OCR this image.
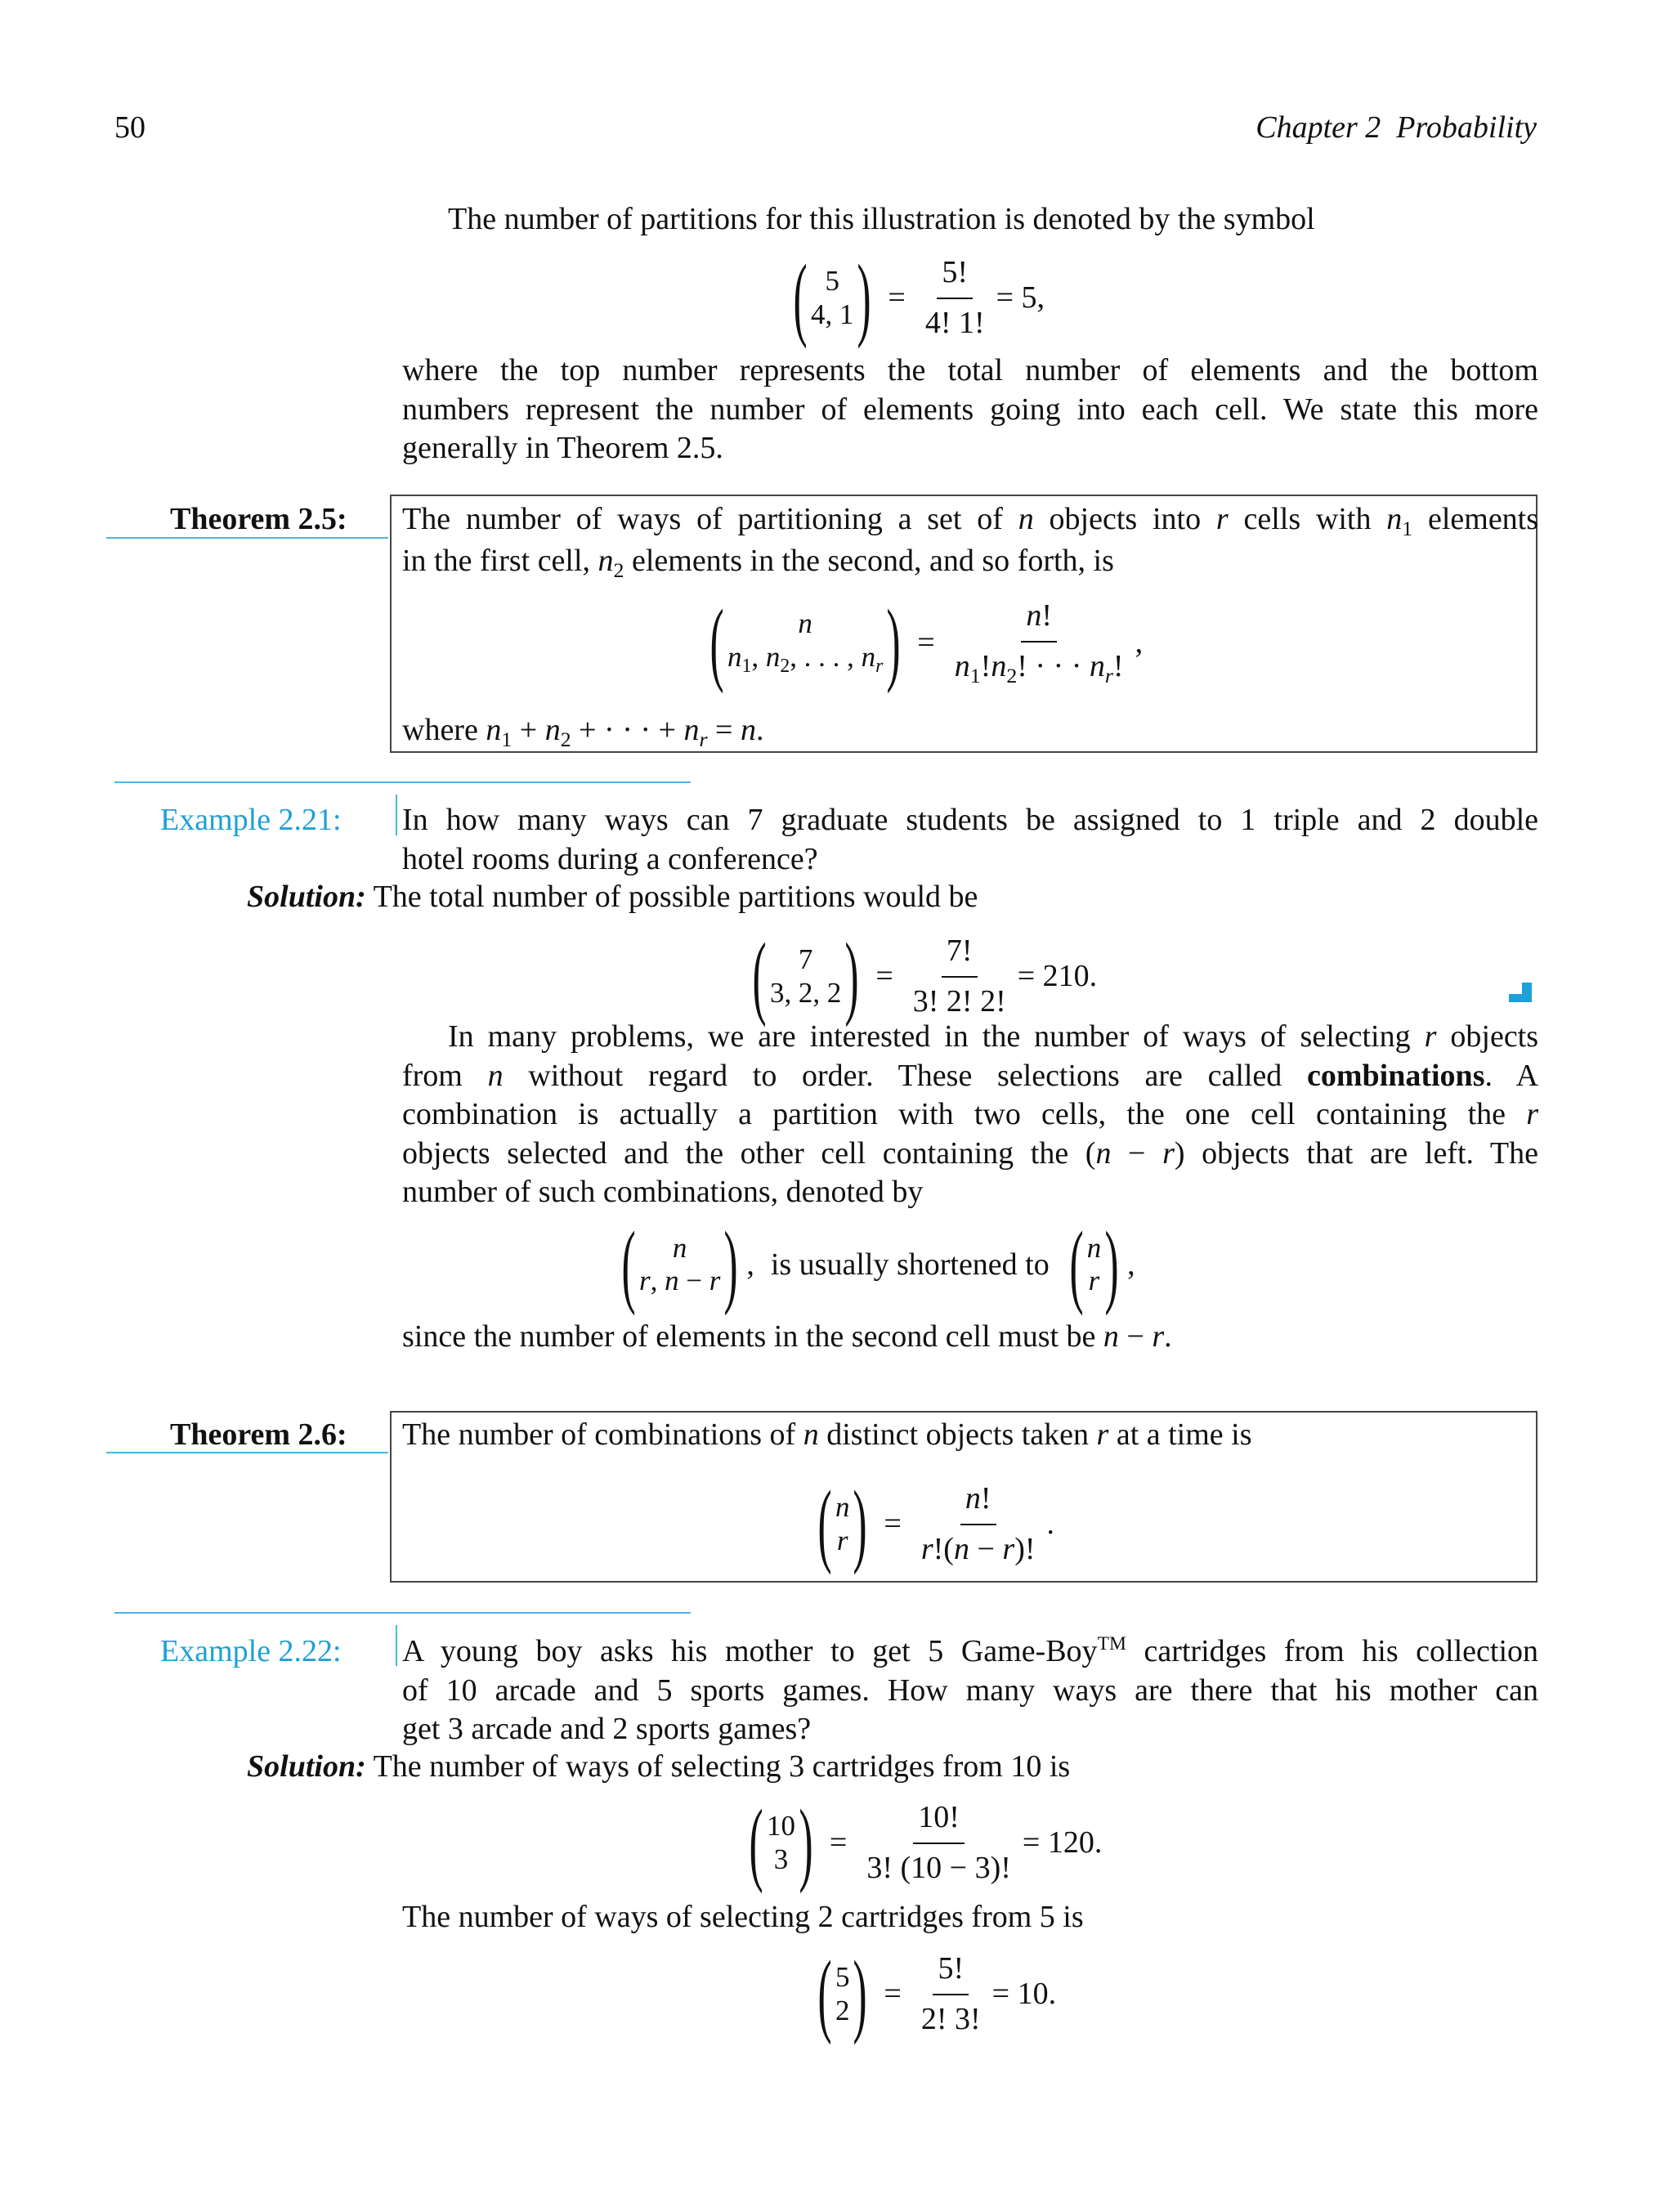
50	Chapter 2  Probability
The number of partitions for this illustration is denoted by the symbol
( 5
4, 1 ) = $\frac{5!}{4! 1!} = 5$,
where the top number represents the total number of elements and the bottom
numbers represent the number of elements going into each cell. We state this more
generally in Theorem 2.5.
Theorem 2.5: The number of ways of partitioning a set of n objects into r cells with $n_1$ elements
in the first cell, $n_2$ elements in the second, and so forth, is
(	n
$n_1$, $n_2$, . . . , $n_r$ ) = $\frac{n!}{n_1!n_2! \cdot \cdot \cdot n_r!}$ ,
where $n_1 + n_2$ + · · · + $n_r = n$.
Example 2.21: In how many ways can 7 graduate students be assigned to 1 triple and 2 double
hotel rooms during a conference?
Solution: The total number of possible partitions would be
( 7
3, 2, 2 ) = $\frac{7!}{3! 2! 2!} = 210$.
In many problems, we are interested in the number of ways of selecting r objects
from n without regard to order. These selections are called combinations. A
combination is actually a partition with two cells, the one cell containing the r
objects selected and the other cell containing the (n − r) objects that are left. The
number of such combinations, denoted by
( n
r, n − r ) , is usually shortened to ( n
r ) ,
since the number of elements in the second cell must be n − r.
Theorem 2.6: The number of combinations of n distinct objects taken r at a time is
( n
r ) = $\frac{n!}{r!(n - r)!}$ .
Example 2.22: A young boy asks his mother to get 5 Game-Boy™ cartridges from his collection
of 10 arcade and 5 sports games. How many ways are there that his mother can
get 3 arcade and 2 sports games?
Solution: The number of ways of selecting 3 cartridges from 10 is
( 10
3 ) = $\frac{10!}{3! (10 - 3)!} = 120$.
The number of ways of selecting 2 cartridges from 5 is
( 5
2 ) = $\frac{5!}{2! 3!} = 10$.
